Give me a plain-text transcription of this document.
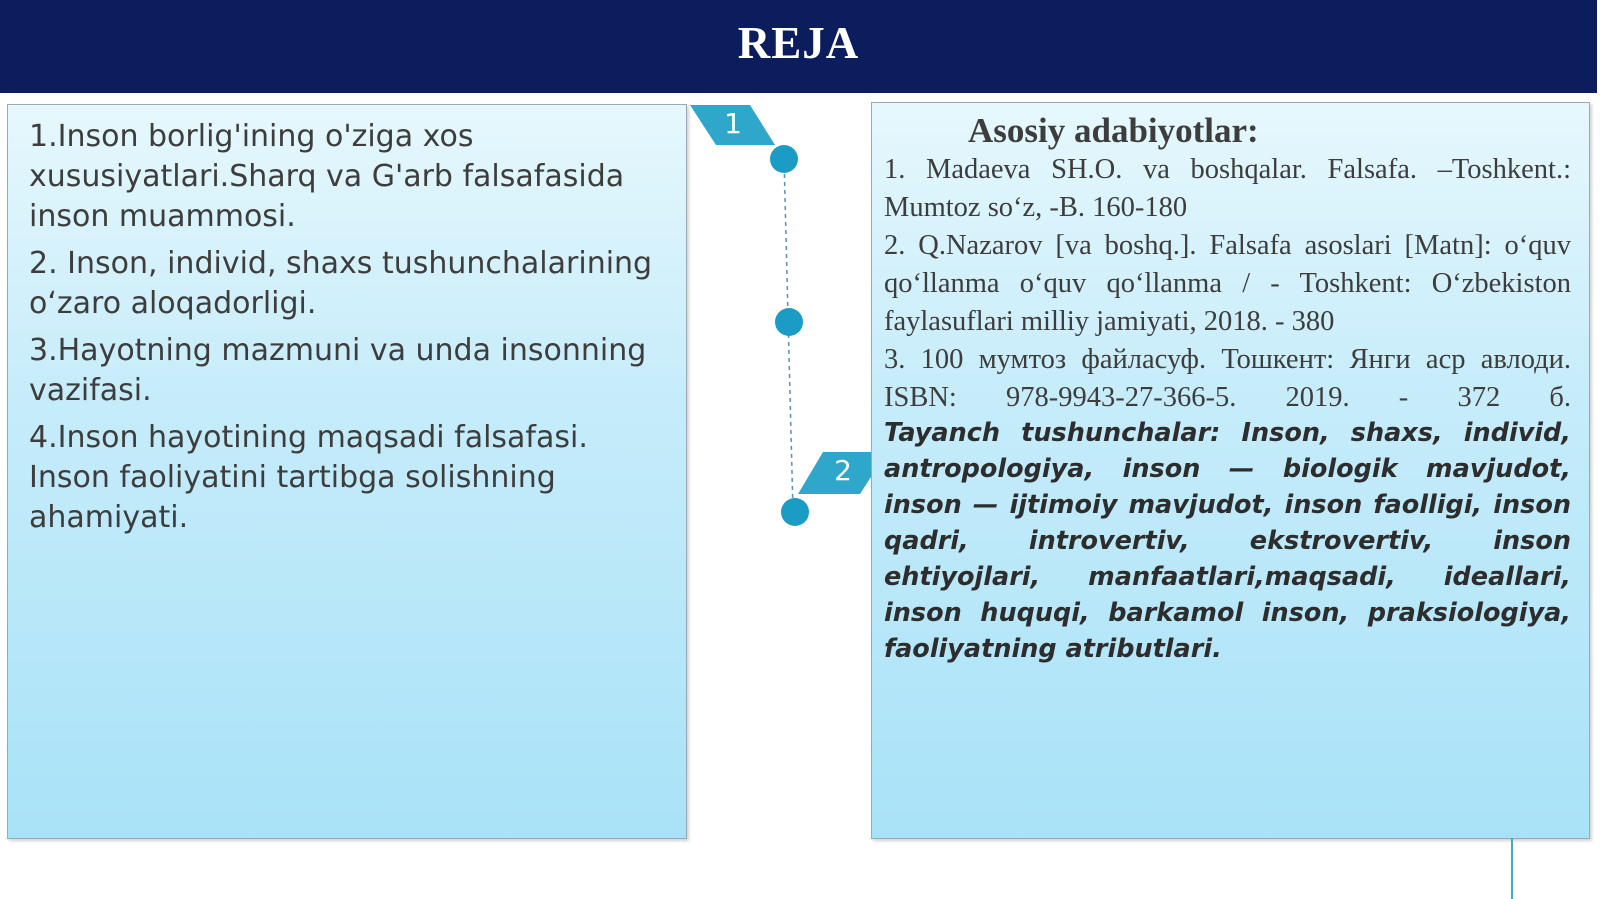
REJA
1.Inson borlig'ining o'ziga xos xususiyatlari.Sharq va G'arb falsafasida inson muammosi.
2. Inson, individ, shaxs tushunchalarining oʻzaro aloqadorligi.
3.Hayotning mazmuni va unda insonning vazifasi.
4.Inson hayotining maqsadi falsafasi. Inson faoliyatini tartibga solishning ahamiyati.
1
2
Asosiy adabiyotlar:
1. Madaeva SH.O. va boshqalar. Falsafa. –Toshkent.: Mumtoz soʻz, -B. 160-180
2. Q.Nazarov [va boshq.]. Falsafa asoslari [Matn]: oʻquv qoʻllanma oʻquv qoʻllanma / - Toshkent: Oʻzbekiston faylasuflari milliy jamiyati, 2018. - 380
3. 100 мумтоз файласуф. Тошкент: Янги аср авлоди. ISBN: 978-9943-27-366-5. 2019. - 372 б.
Tayanch tushunchalar: Inson, shaxs, individ, antropologiya, inson — biologik mavjudot, inson — ijtimoiy mavjudot, inson faolligi, inson qadri, introvertiv, ekstrovertiv, inson ehtiyojlari, manfaatlari,maqsadi, ideallari, inson huquqi, barkamol inson, praksiologiya, faoliyatning atributlari.
